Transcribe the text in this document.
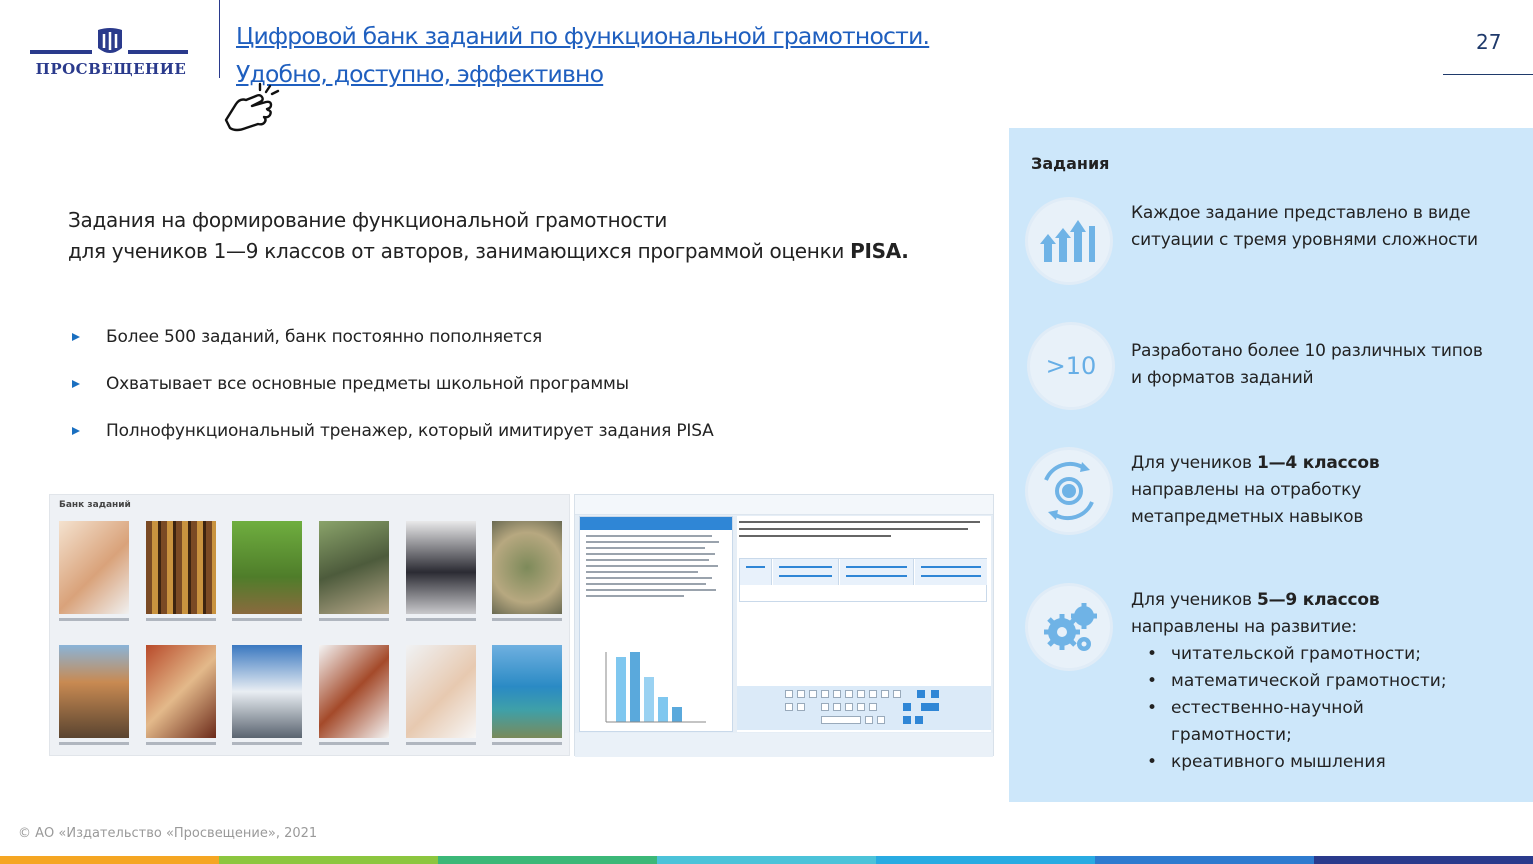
ПРОСВЕЩЕНИЕ
Цифровой банк заданий по функциональной грамотности.
Удобно, доступно, эффективно
27
Задания на формирование функциональной грамотности
для учеников 1—9 классов от авторов, занимающихся программой оценки PISA.
Более 500 заданий, банк постоянно пополняется
Охватывает все основные предметы школьной программы
Полнофункциональный тренажер, который имитирует задания PISA
Банк заданий
Задания
Каждое задание представлено в виде ситуации с тремя уровнями сложности
>10
Разработано более 10 различных типов и форматов заданий
Для учеников 1—4 классов
направлены на отработку метапредметных навыков
Для учеников 5—9 классов
направлены на развитие:
• читательской грамотности;
• математической грамотности;
• естественно-научной грамотности;
• креативного мышления
© АО «Издательство «Просвещение», 2021
